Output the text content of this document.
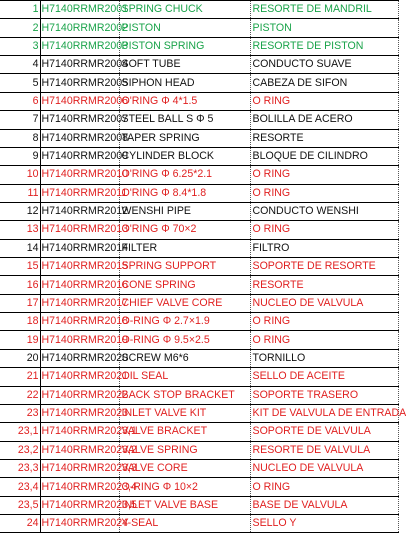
1	H7140RRMR2001	SPRING CHUCK	RESORTE DE MANDRIL
2	H7140RRMR2002	PISTON	PISTON
3	H7140RRMR2003	PISTON SPRING	RESORTE DE PISTON
4	H7140RRMR2004	SOFT TUBE	CONDUCTO SUAVE
5	H7140RRMR2005	SIPHON HEAD	CABEZA DE SIFON
6	H7140RRMR2006	O'RING Φ 4*1.5	O RING
7	H7140RRMR2007	STEEL BALL S Φ 5	BOLILLA DE ACERO
8	H7140RRMR2008	TAPER SPRING	RESORTE
9	H7140RRMR2009	CYLINDER BLOCK	BLOQUE DE CILINDRO
10	H7140RRMR2010	O'RING Φ 6.25*2.1	O RING
11	H7140RRMR2011	O'RING Φ 8.4*1.8	O RING
12	H7140RRMR2012	WENSHI PIPE	CONDUCTO WENSHI
13	H7140RRMR2013	O'RING Φ 70×2	O RING
14	H7140RRMR2014	FILTER	FILTRO
15	H7140RRMR2015	SPRING SUPPORT	SOPORTE DE RESORTE
16	H7140RRMR2016	CONE SPRING	RESORTE
17	H7140RRMR2017	CHIEF VALVE CORE	NUCLEO DE VALVULA
18	H7140RRMR2018	O-RING Φ 2.7×1.9	O RING
19	H7140RRMR2019	O-RING Φ 9.5×2.5	O RING
20	H7140RRMR2020	SCREW M6*6	TORNILLO
21	H7140RRMR2021	OIL SEAL	SELLO DE ACEITE
22	H7140RRMR2022	BACK STOP BRACKET	SOPORTE TRASERO
23	H7140RRMR2023	INLET VALVE KIT	KIT DE VALVULA DE ENTRADA
23,1	H7140RRMR2023,1	VALVE BRACKET	SOPORTE DE VALVULA
23,2	H7140RRMR2023,2	VALVE SPRING	RESORTE DE VALVULA
23,3	H7140RRMR2023,3	VALVE CORE	NUCLEO DE VALVULA
23,4	H7140RRMR2023,4	O-RING Φ 10×2	O RING
23,5	H7140RRMR2023,5	INLET VALVE BASE	BASE DE VALVULA
24	H7140RRMR2024	Y-SEAL	SELLO Y
